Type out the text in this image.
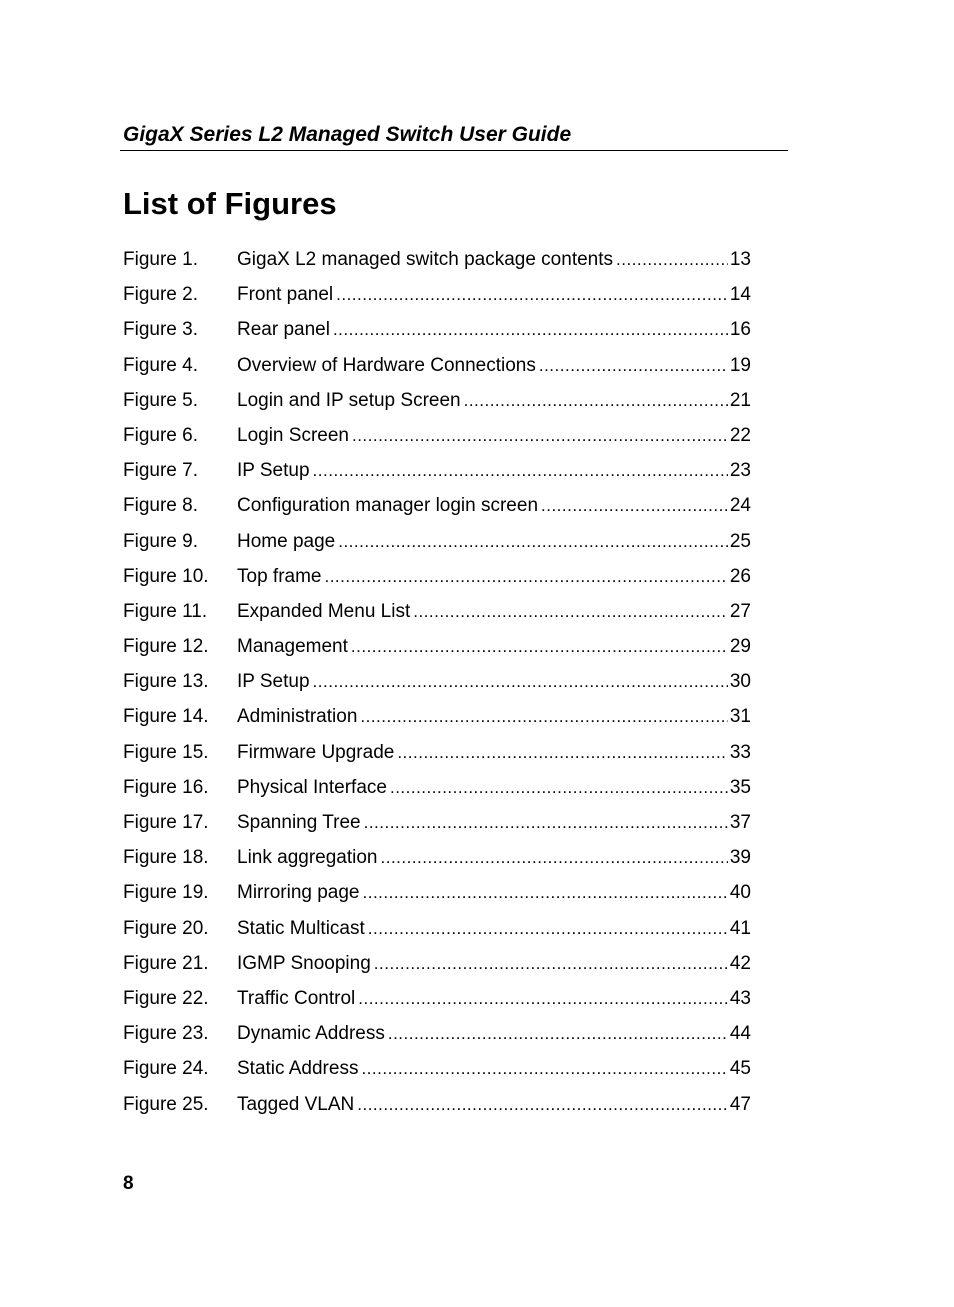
GigaX Series L2 Managed Switch User Guide
List of Figures
Figure 1.	GigaX L2 managed switch package contents .....	13
Figure 2.	Front panel .....	14
Figure 3.	Rear panel .....	16
Figure 4.	Overview of Hardware Connections .....	19
Figure 5.	Login and IP setup Screen .....	21
Figure 6.	Login Screen .....	22
Figure 7.	IP Setup .....	23
Figure 8.	Configuration manager login screen .....	24
Figure 9.	Home page .....	25
Figure 10.	Top frame .....	26
Figure 11.	Expanded Menu List .....	27
Figure 12.	Management .....	29
Figure 13.	IP Setup .....	30
Figure 14.	Administration .....	31
Figure 15.	Firmware Upgrade .....	33
Figure 16.	Physical Interface .....	35
Figure 17.	Spanning Tree .....	37
Figure 18.	Link aggregation .....	39
Figure 19.	Mirroring page .....	40
Figure 20.	Static Multicast .....	41
Figure 21.	IGMP Snooping .....	42
Figure 22.	Traffic Control .....	43
Figure 23.	Dynamic Address .....	44
Figure 24.	Static Address .....	45
Figure 25.	Tagged VLAN .....	47
8
